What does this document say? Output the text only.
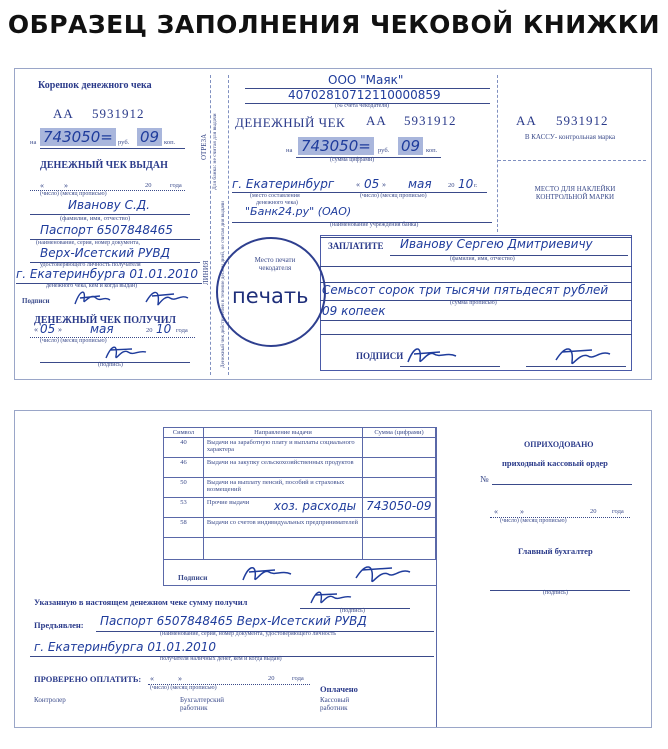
ОБРАЗЕЦ ЗАПОЛНЕНИЯ ЧЕКОВОЙ КНИЖКИ
ОТРЕЗА Для банка: не считая для выдачи
ЛИНИЯ Денежный чек действителен в течение десяти дней, не считая дня выдачи
Корешок денежного чека
AA 5931912
на 743050= руб. 09 коп.
ДЕНЕЖНЫЙ ЧЕК ВЫДАН
«	»	20	года
(число) (месяц прописью)
Иванову С.Д.
(фамилия, имя, отчество)
Паспорт 6507848465
(наименование, серия, номер документа,
Верх-Исетский РУВД
удостоверяющего личность получателя
г. Екатеринбурга 01.01.2010
денежного чека, кем и когда выдан)
Подписи
ДЕНЕЖНЫЙ ЧЕК ПОЛУЧИЛ
« 05 » мая	20 10 года
(число) (месяц прописью)
(подпись)
ООО "Маяк"
40702810712110000859
(№ счета чекодателя)
ДЕНЕЖНЫЙ ЧЕК AA 5931912
на 743050=	руб. 09 коп.
(сумма цифрами)
г. Екатеринбург	« 05 » мая	20 10 г.
(место составления
денежного чека)
(число) (месяц прописью)
"Банк24.ру" (ОАО)
(наименование учреждения банка)
AA 5931912
В КАССУ- контрольная марка
МЕСТО ДЛЯ НАКЛЕЙКИ КОНТРОЛЬНОЙ МАРКИ
ЗАПЛАТИТЕ Иванову Сергею Дмитриевичу
(фамилия, имя, отчество)
Семьсот сорок три тысячи пятьдесят рублей
(сумма прописью)
09 копеек
ПОДПИСИ
Место печати чекодателя
печать
Символ	Направление выдачи	Сумма (цифрами)
40	Выдачи на заработную плату и выплаты социального характера	
46	Выдачи на закупку сельскохозяйственных продуктов	
50	Выдачи на выплату пенсий, пособий и страховых возмещений	
53	Прочие выдачи хоз. расходы	743050-09
58	Выдачи со счетов индивидуальных предпринимателей	

Подписи
Указанную в настоящем денежном чеке сумму получил
(подпись)
Предъявлен: Паспорт 6507848465 Верх-Исетский РУВД
(наименование, серия, номер документа, удостоверяющего личность
г. Екатеринбурга 01.01.2010
получателя наличных денег, кем и когда выдан)
ПРОВЕРЕНО ОПЛАТИТЬ: «	»	20	года
(число) (месяц прописью)
Контролер	Бухгалтерский работник
Оплачено
Кассовый работник
ОПРИХОДОВАНО
приходный кассовый ордер
№
«	»	20 года
(число) (месяц прописью)
Главный бухгалтер
(подпись)
